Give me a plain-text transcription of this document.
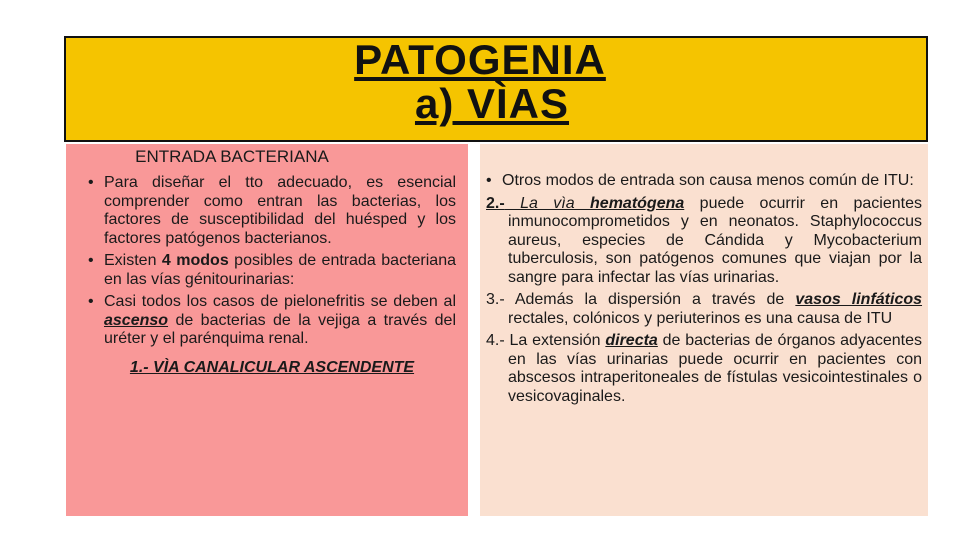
PATOGENIA
a) VÌAS
ENTRADA BACTERIANA
• Para diseñar el tto adecuado, es esencial comprender como entran las bacterias, los factores de susceptibilidad del huésped y los factores patógenos bacterianos.
• Existen 4 modos posibles de entrada bacteriana en las vías génitourinarias:
• Casi todos los casos de pielonefritis se deben al ascenso de bacterias de la vejiga a través del uréter y el parénquima renal.
1.- VÌA CANALICULAR ASCENDENTE
• Otros modos de entrada son causa menos común de ITU:
2.- La vìa hematógena puede ocurrir en pacientes inmunocomprometidos y en neonatos. Staphylococcus aureus, especies de Cándida y Mycobacterium tuberculosis, son patógenos comunes que viajan por la sangre para infectar las vías urinarias.
3.- Además la dispersión a través de vasos linfáticos rectales, colónicos y periuterinos es una causa de ITU
4.- La extensión directa de bacterias de órganos adyacentes en las vías urinarias puede ocurrir en pacientes con abscesos intraperitoneales de fístulas vesicointestinales o vesicovaginales.
